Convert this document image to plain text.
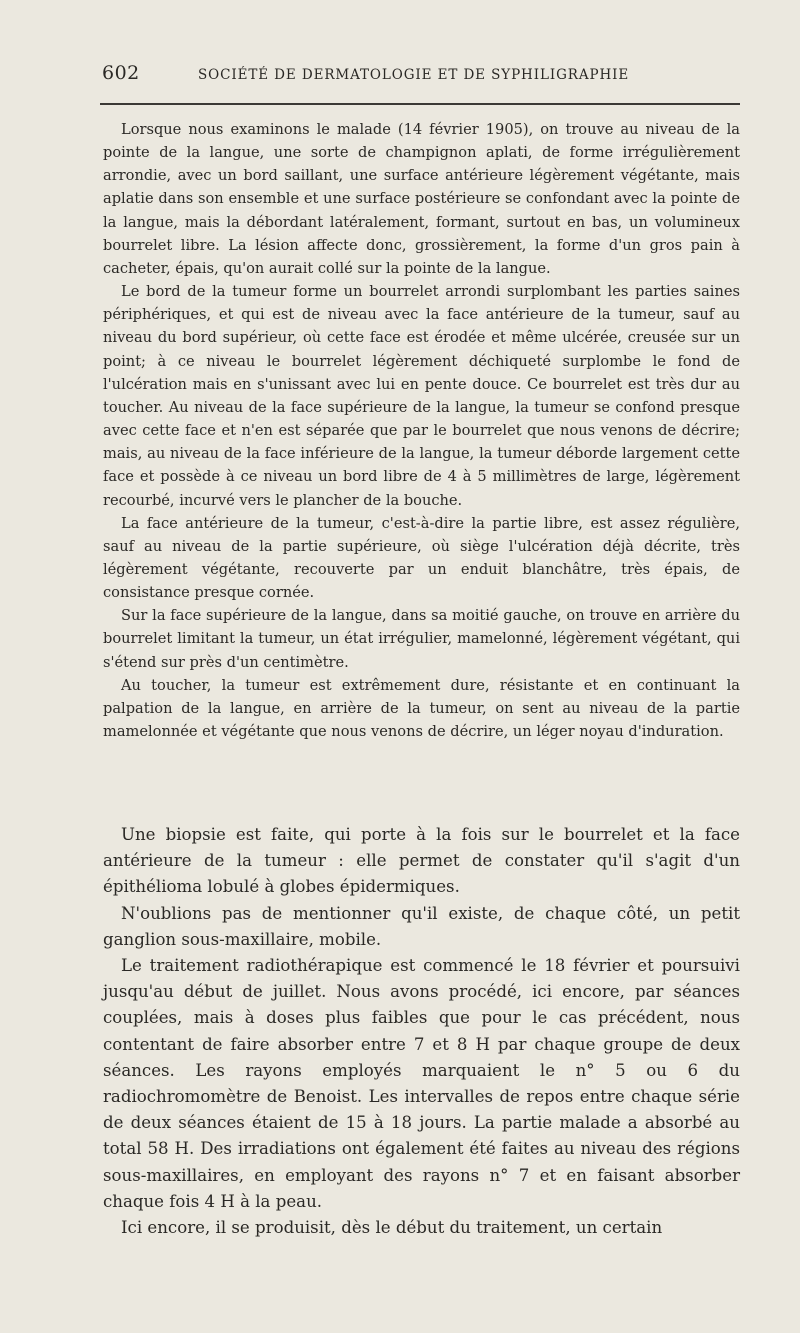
602	SOCIÉTÉ DE DERMATOLOGIE ET DE SYPHILIGRAPHIE

Lorsque nous examinons le malade (14 février 1905), on trouve au niveau de la pointe de la langue, une sorte de champignon aplati, de forme irrégulièrement arrondie, avec un bord saillant, une surface antérieure légèrement végétante, mais aplatie dans son ensemble et une surface postérieure se confondant avec la pointe de la langue, mais la débordant latéralement, formant, surtout en bas, un volumineux bourrelet libre. La lésion affecte donc, grossièrement, la forme d'un gros pain à cacheter, épais, qu'on aurait collé sur la pointe de la langue.

Le bord de la tumeur forme un bourrelet arrondi surplombant les parties saines périphériques, et qui est de niveau avec la face antérieure de la tumeur, sauf au niveau du bord supérieur, où cette face est érodée et même ulcérée, creusée sur un point; à ce niveau le bourrelet légèrement déchiqueté surplombe le fond de l'ulcération mais en s'unissant avec lui en pente douce. Ce bourrelet est très dur au toucher. Au niveau de la face supérieure de la langue, la tumeur se confond presque avec cette face et n'en est séparée que par le bourrelet que nous venons de décrire; mais, au niveau de la face inférieure de la langue, la tumeur déborde largement cette face et possède à ce niveau un bord libre de 4 à 5 millimètres de large, légèrement recourbé, incurvé vers le plancher de la bouche.

La face antérieure de la tumeur, c'est-à-dire la partie libre, est assez régulière, sauf au niveau de la partie supérieure, où siège l'ulcération déjà décrite, très légèrement végétante, recouverte par un enduit blanchâtre, très épais, de consistance presque cornée.

Sur la face supérieure de la langue, dans sa moitié gauche, on trouve en arrière du bourrelet limitant la tumeur, un état irrégulier, mamelonné, légèrement végétant, qui s'étend sur près d'un centimètre.

Au toucher, la tumeur est extrêmement dure, résistante et en continuant la palpation de la langue, en arrière de la tumeur, on sent au niveau de la partie mamelonnée et végétante que nous venons de décrire, un léger noyau d'induration.

Une biopsie est faite, qui porte à la fois sur le bourrelet et la face antérieure de la tumeur : elle permet de constater qu'il s'agit d'un épithélioma lobulé à globes épidermiques.

N'oublions pas de mentionner qu'il existe, de chaque côté, un petit ganglion sous-maxillaire, mobile.

Le traitement radiothérapique est commencé le 18 février et poursuivi jusqu'au début de juillet. Nous avons procédé, ici encore, par séances couplées, mais à doses plus faibles que pour le cas précédent, nous contentant de faire absorber entre 7 et 8 H par chaque groupe de deux séances. Les rayons employés marquaient le n° 5 ou 6 du radiochromomètre de Benoist. Les intervalles de repos entre chaque série de deux séances étaient de 15 à 18 jours. La partie malade a absorbé au total 58 H. Des irradiations ont également été faites au niveau des régions sous-maxillaires, en employant des rayons n° 7 et en faisant absorber chaque fois 4 H à la peau.

Ici encore, il se produisit, dès le début du traitement, un certain
